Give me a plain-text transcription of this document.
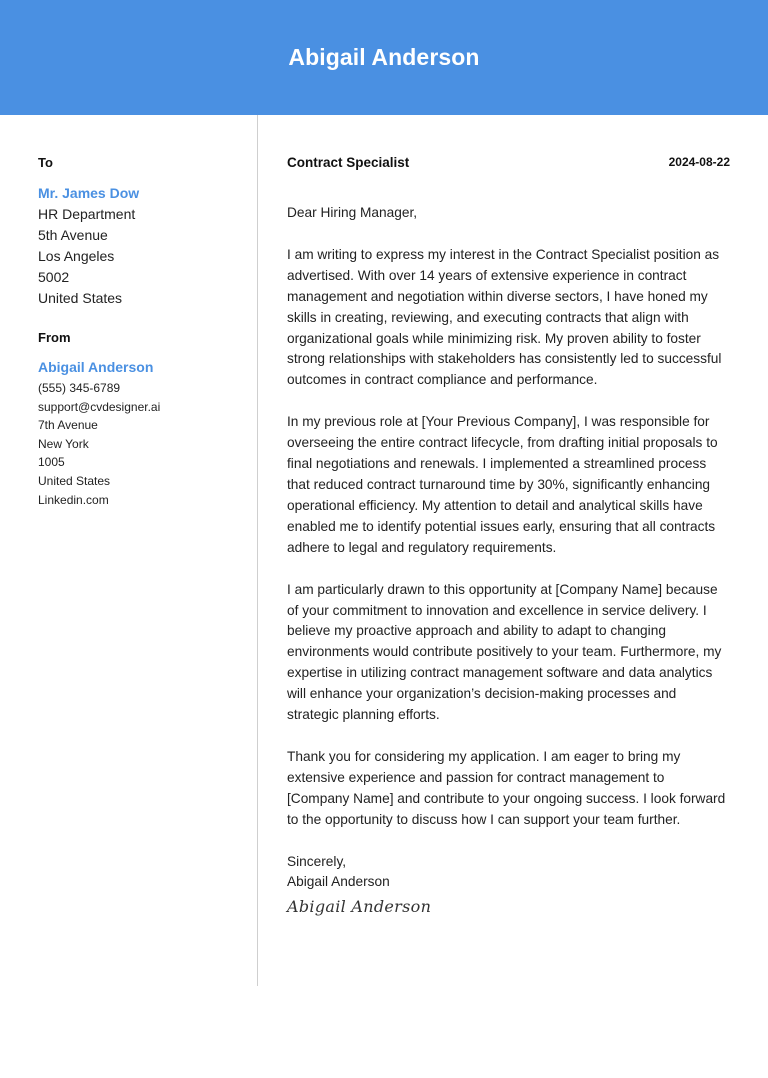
Abigail Anderson
To
Mr. James Dow
HR Department
5th Avenue
Los Angeles
5002
United States
From
Abigail Anderson
(555) 345-6789
support@cvdesigner.ai
7th Avenue
New York
1005
United States
Linkedin.com
Contract Specialist	2024-08-22

Dear Hiring Manager,

I am writing to express my interest in the Contract Specialist position as advertised. With over 14 years of extensive experience in contract management and negotiation within diverse sectors, I have honed my skills in creating, reviewing, and executing contracts that align with organizational goals while minimizing risk. My proven ability to foster strong relationships with stakeholders has consistently led to successful outcomes in contract compliance and performance.

In my previous role at [Your Previous Company], I was responsible for overseeing the entire contract lifecycle, from drafting initial proposals to final negotiations and renewals. I implemented a streamlined process that reduced contract turnaround time by 30%, significantly enhancing operational efficiency. My attention to detail and analytical skills have enabled me to identify potential issues early, ensuring that all contracts adhere to legal and regulatory requirements.

I am particularly drawn to this opportunity at [Company Name] because of your commitment to innovation and excellence in service delivery. I believe my proactive approach and ability to adapt to changing environments would contribute positively to your team. Furthermore, my expertise in utilizing contract management software and data analytics will enhance your organization’s decision-making processes and strategic planning efforts.

Thank you for considering my application. I am eager to bring my extensive experience and passion for contract management to [Company Name] and contribute to your ongoing success. I look forward to the opportunity to discuss how I can support your team further.

Sincerely,

Abigail Anderson

Abigail Anderson
